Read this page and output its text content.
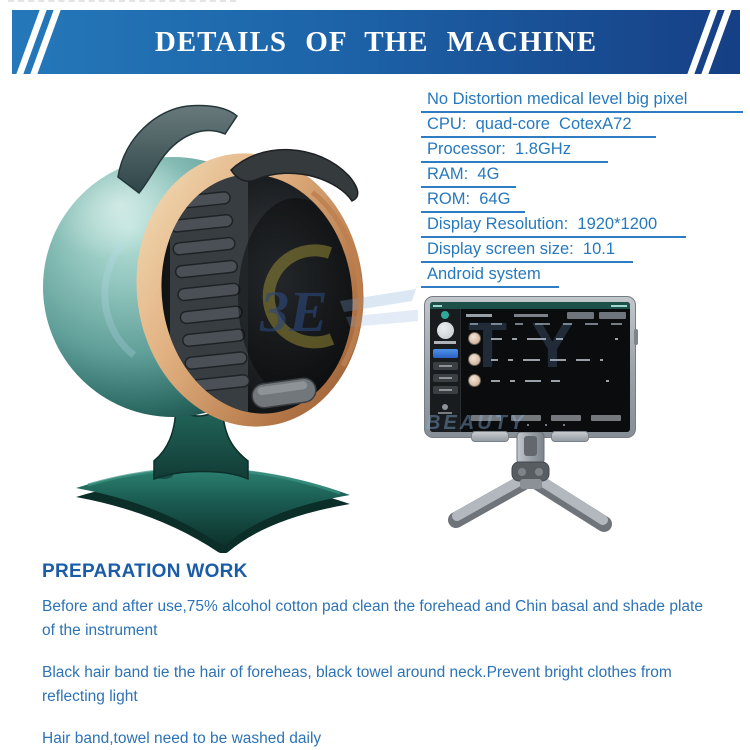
DETAILS OF THE MACHINE
No Distortion medical level big pixel
CPU:  quad-core  CotexA72
Processor:  1.8GHz
RAM:  4G
ROM:  64G
Display Resolution:  1920*1200
Display screen size:  10.1
Android system
3E TY
BEAUTY
PREPARATION WORK

Before and after use,75% alcohol cotton pad clean the forehead and Chin basal and shade plate of the instrument

Black hair band tie the hair of foreheas, black towel around neck.Prevent bright clothes from reflecting light

Hair band,towel need to be washed daily
